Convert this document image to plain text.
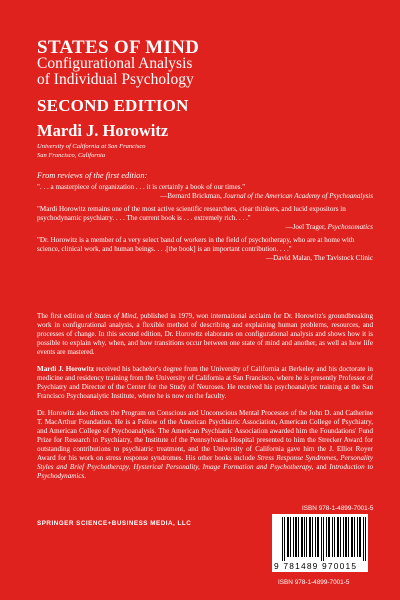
STATES OF MIND
Configurational Analysis
of Individual Psychology
SECOND EDITION
Mardi J. Horowitz
University of California at San Francisco
San Francisco, California
From reviews of the first edition:
". . . a masterpiece of organization . . . it is certainly a book of our times."
—Bernard Brickman, Journal of the American Academy of Psychoanalysis
"Mardi Horowitz remains one of the most active scientific researchers, clear thinkers, and lucid expositors in psychodynamic psychiatry. . . . The current book is . . . extremely rich. . . ."
—Joel Trager, Psychosomatics
"Dr. Horowitz is a member of a very select band of workers in the field of psychotherapy, who are at home with science, clinical work, and human beings. . . .[the book] is an important contribution. . . ."
—David Malan, The Tavistock Clinic

The first edition of States of Mind, published in 1979, won international acclaim for Dr. Horowitz's groundbreaking work in configurational analysis, a flexible method of describing and explaining human problems, resources, and processes of change. In this second edition, Dr. Horowitz elaborates on configurational analysis and shows how it is possible to explain why, when, and how transitions occur between one state of mind and another, as well as how life events are mastered.

Mardi J. Horowitz received his bachelor's degree from the University of California at Berkeley and his doctorate in medicine and residency training from the University of California at San Francisco, where he is presently Professor of Psychiatry and Director of the Center for the Study of Neuroses. He received his psychoanalytic training at the San Francisco Psychoanalytic Institute, where he is now on the faculty.

Dr. Horowitz also directs the Program on Conscious and Unconscious Mental Processes of the John D. and Catherine T. MacArthur Foundation. He is a Fellow of the American Psychiatric Association, American College of Psychiatry, and American College of Psychoanalysis. The American Psychiatric Association awarded him the Foundations' Fund Prize for Research in Psychiatry, the Institute of the Pennsylvania Hospital presented to him the Strecker Award for outstanding contributions to psychiatric treatment, and the University of California gave him the J. Elliot Royer Award for his work on stress response syndromes. His other books include Stress Response Syndromes, Personality Styles and Brief Psychotherapy, Hysterical Personality, Image Formation and Psychotherapy, and Introduction to Psychodynamics.

SPRINGER SCIENCE+BUSINESS MEDIA, LLC
ISBN 978-1-4899-7001-5
9 781489 970015
ISBN 978-1-4899-7001-5
